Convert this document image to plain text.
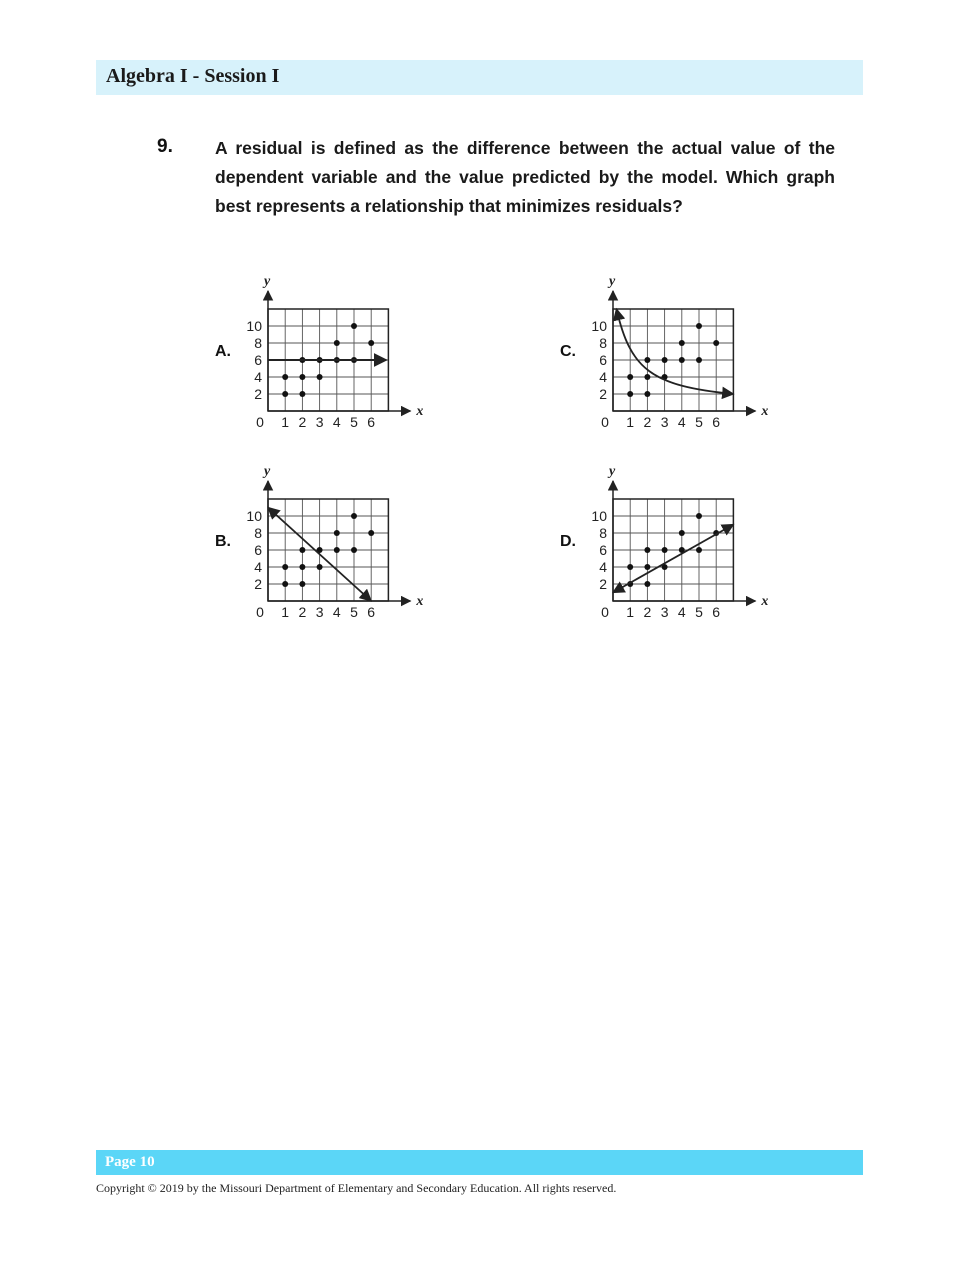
Algebra I - Session I
9. A residual is defined as the difference between the actual value of the dependent variable and the value predicted by the model. Which graph best represents a relationship that minimizes residuals?
A.
x
y
0 1 2 3 4 5 6
2
4
6
8
10
C.
x
y
0 1 2 3 4 5 6
2
4
6
8
10
B.
x
y
0 1 2 3 4 5 6
2
4
6
8
10
D.
x
y
0 1 2 3 4 5 6
2
4
6
8
10
Page 10
Copyright © 2019 by the Missouri Department of Elementary and Secondary Education. All rights reserved.
